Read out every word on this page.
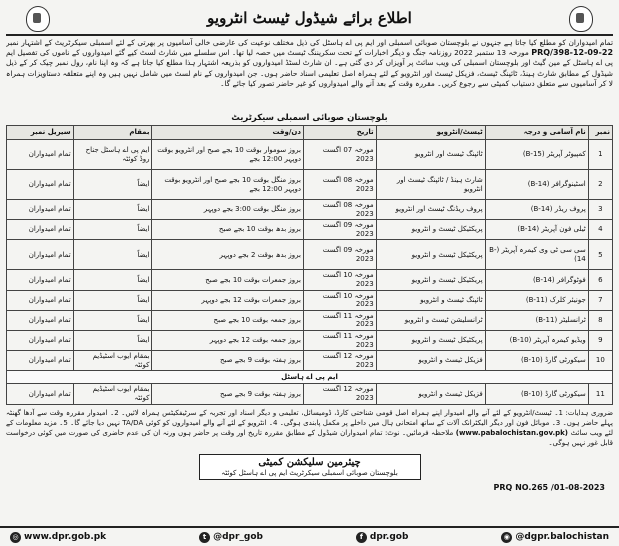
اطلاع برائے شیڈول ٹیسٹ انٹرویو
تمام امیدواران کو مطلع کیا جاتا ہے جنہوں نے بلوچستان صوبائی اسمبلی اور ایم پی اے ہاسٹل کی ذیل مختلف نوعیت کی عارضی خالی آسامیوں پر بھرتی کے لئے اسمبلی سیکرٹریٹ کے اشتہار نمبر PRQ/398-12-09-22 مورخہ 13 ستمبر 2022 روزنامہ جنگ و دیگر اخبارات کے تحت سکریننگ ٹیسٹ میں حصہ لیا تھا۔ اس سلسلے میں شارٹ لسٹ کیے گئے امیدواروں کے ناموں کی تفصیل ایم پی اے ہاسٹل کے مین گیٹ اور بلوچستان اسمبلی کی ویب سائٹ پر آویزاں کر دی گئی ہے۔ ان شارٹ لسٹڈ امیدواروں کو بذریعہ اشتہار ہذا مطلع کیا جاتا ہے کہ وہ اپنا نام، رول نمبر چیک کر کے ذیل شیڈول کے مطابق شارٹ ہینڈ، ٹائپنگ ٹیسٹ، فزیکل ٹیسٹ اور انٹرویو کے لئے ہمراہ اصل تعلیمی اسناد حاضر ہوں۔ جن امیدواروں کے نام لسٹ میں شامل نہیں ہیں وہ اپنے متعلقہ دستاویزات ہمراہ لا کر آسامیوں سے متعلق دستیاب کمیٹی سے رجوع کریں۔ مقررہ وقت کے بعد آنے والے امیدواروں کو غیر حاضر تصور کیا جائے گا۔
بلوچستان صوبائی اسمبلی سیکرٹریٹ
نمبر	نام آسامی و درجہ	ٹیسٹ/انٹرویو	تاریخ	دن/وقت	بمقام	سیریل نمبر
1	کمپیوٹر آپریٹر (B-15)	ٹائپنگ ٹیسٹ اور انٹرویو	مورخہ 07 اگست 2023	بروز سوموار بوقت 10 بجے صبح اور انٹرویو بوقت دوپہر 12:00 بجے	ایم پی اے ہاسٹل جناح روڈ کوئٹہ	تمام امیدواران
2	اسٹینوگرافر (B-14)	شارٹ ہینڈ / ٹائپنگ ٹیسٹ اور انٹرویو	مورخہ 08 اگست 2023	بروز منگل بوقت 10 بجے صبح اور انٹرویو بوقت دوپہر 12:00 بجے	ایضاً	تمام امیدواران
3	پروف ریڈر (B-14)	پروف ریڈنگ ٹیسٹ اور انٹرویو	مورخہ 08 اگست 2023	بروز منگل بوقت 3:00 بجے دوپہر	ایضاً	تمام امیدواران
4	ٹیلی فون آپریٹر (B-14)	پریکٹیکل ٹیسٹ و انٹرویو	مورخہ 09 اگست 2023	بروز بدھ بوقت 10 بجے صبح	ایضاً	تمام امیدواران
5	سی سی ٹی وی کیمرہ آپریٹر (B-14)	پریکٹیکل ٹیسٹ و انٹرویو	مورخہ 09 اگست 2023	بروز بدھ بوقت 2 بجے دوپہر	ایضاً	تمام امیدواران
6	فوٹوگرافر (B-14)	پریکٹیکل ٹیسٹ و انٹرویو	مورخہ 10 اگست 2023	بروز جمعرات بوقت 10 بجے صبح	ایضاً	تمام امیدواران
7	جونیئر کلرک (B-11)	ٹائپنگ ٹیسٹ و انٹرویو	مورخہ 10 اگست 2023	بروز جمعرات بوقت 12 بجے دوپہر	ایضاً	تمام امیدواران
8	ٹرانسلیٹر (B-11)	ٹرانسلیشن ٹیسٹ و انٹرویو	مورخہ 11 اگست 2023	بروز جمعہ بوقت 10 بجے صبح	ایضاً	تمام امیدواران
9	ویڈیو کیمرہ آپریٹر (B-10)	پریکٹیکل ٹیسٹ و انٹرویو	مورخہ 11 اگست 2023	بروز جمعہ بوقت 12 بجے دوپہر	ایضاً	تمام امیدواران
10	سیکورٹی گارڈ (B-10)	فزیکل ٹیسٹ و انٹرویو	مورخہ 12 اگست 2023	بروز ہفتہ بوقت 9 بجے صبح	بمقام ایوب اسٹیڈیم کوئٹہ	تمام امیدواران
ایم پی اے ہاسٹل						
11	سیکورٹی گارڈ (B-10)	فزیکل ٹیسٹ و انٹرویو	مورخہ 12 اگست 2023	بروز ہفتہ بوقت 9 بجے صبح	بمقام ایوب اسٹیڈیم کوئٹہ	تمام امیدواران
ضروری ہدایات: 1۔ ٹیسٹ/انٹرویو کے لئے آنے والے امیدوار اپنے ہمراہ اصل قومی شناختی کارڈ، ڈومیسائل، تعلیمی و دیگر اسناد اور تجربہ کے سرٹیفکیٹس ہمراہ لائیں۔ 2۔ امیدوار مقررہ وقت سے آدھا گھنٹہ پہلے حاضر ہوں۔ 3۔ موبائل فون اور دیگر الیکٹرانک آلات کے ساتھ امتحانی ہال میں داخلے پر مکمل پابندی ہوگی۔ 4۔ انٹرویو کے لئے آنے والے امیدواروں کو کوئی TA/DA نہیں دیا جائے گا۔ 5۔ مزید معلومات کے لئے ویب سائٹ (www.pabalochistan.gov.pk) ملاحظہ فرمائیں۔ نوٹ: تمام امیدواران شیڈول کے مطابق مقررہ تاریخ اور وقت پر حاضر ہوں ورنہ ان کی عدم حاضری کی صورت میں کوئی درخواست قابل غور نہیں ہوگی۔
چیئرمین سلیکشن کمیٹی
بلوچستان صوبائی اسمبلی سیکرٹریٹ ایم پی اے ہاسٹل کوئٹہ
PRQ NO.265 /01-08-2023
◎ www.dpr.gob.pk	t @dpr_gob	f dpr.gob	◉ @dgpr.balochistan
